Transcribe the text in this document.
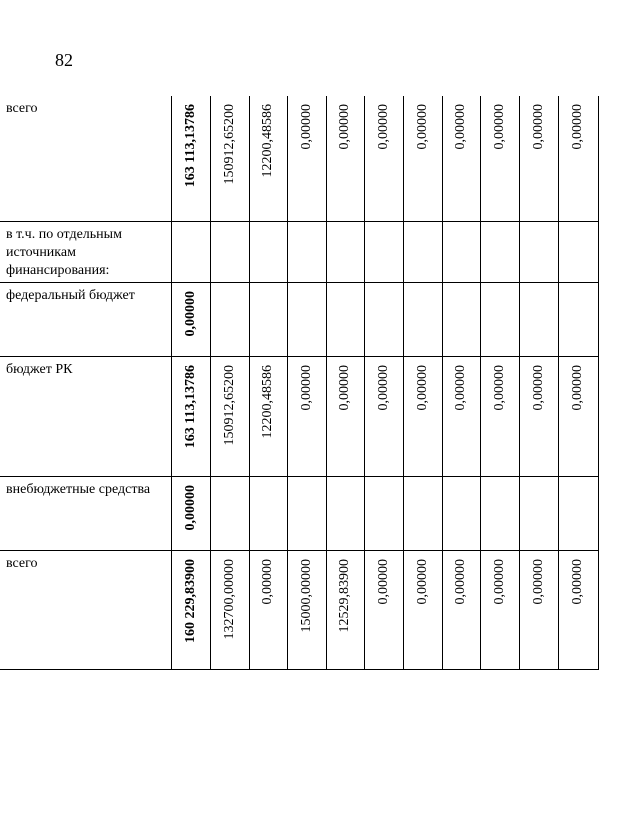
82
всего	163 113,13786	150912,65200	12200,48586	0,00000	0,00000	0,00000	0,00000	0,00000	0,00000	0,00000	0,00000

в т.ч. по отдельным источникам финансирования:	

федеральный бюджет	0,00000										

бюджет РК	163 113,13786	150912,65200	12200,48586	0,00000	0,00000	0,00000	0,00000	0,00000	0,00000	0,00000	0,00000

внебюджетные средства	0,00000										

всего	160 229,83900	132700,00000	0,00000	15000,00000	12529,83900	0,00000	0,00000	0,00000	0,00000	0,00000	0,00000
